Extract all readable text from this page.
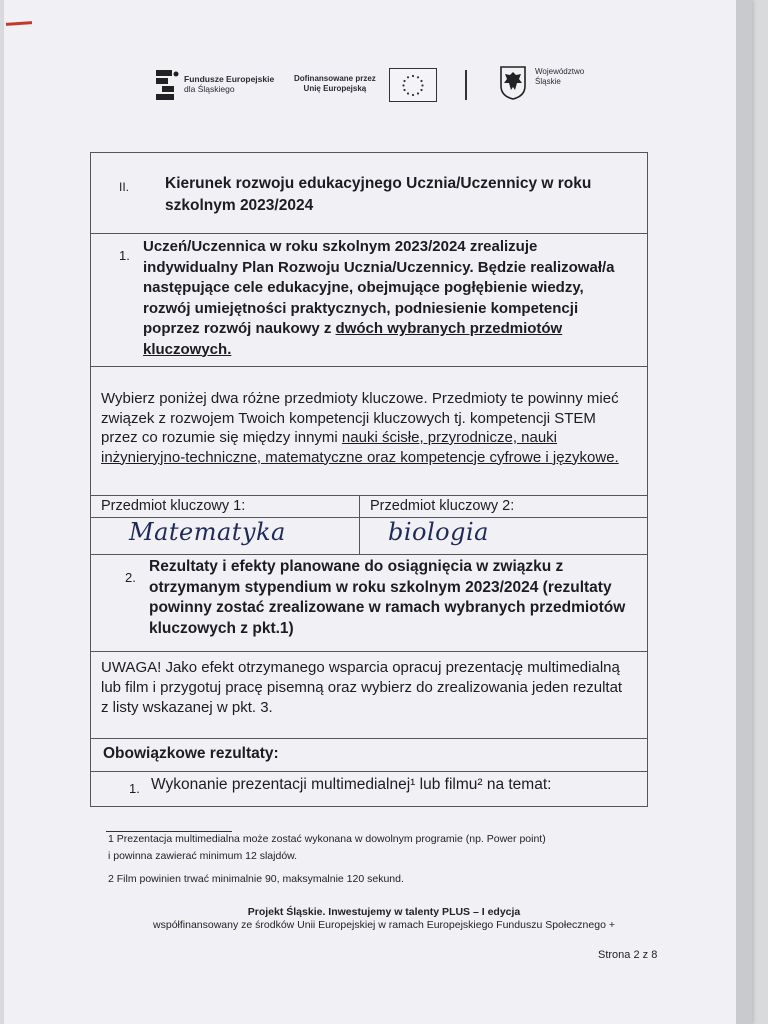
Fundusze Europejskie
dla Śląskiego
Dofinansowane przez
Unię Europejską
Województwo
Śląskie
II. Kierunek rozwoju edukacyjnego Ucznia/Uczennicy w roku szkolnym 2023/2024
1.
Uczeń/Uczennica w roku szkolnym 2023/2024 zrealizuje indywidualny Plan Rozwoju Ucznia/Uczennicy. Będzie realizował/a następujące cele edukacyjne, obejmujące pogłębienie wiedzy, rozwój umiejętności praktycznych, podniesienie kompetencji poprzez rozwój naukowy z dwóch wybranych przedmiotów kluczowych.
Wybierz poniżej dwa różne przedmioty kluczowe. Przedmioty te powinny mieć związek z rozwojem Twoich kompetencji kluczowych tj. kompetencji STEM przez co rozumie się między innymi nauki ścisłe, przyrodnicze, nauki inżynieryjno-techniczne, matematyczne oraz kompetencje cyfrowe i językowe.
Przedmiot kluczowy 1:
Matematyka
Przedmiot kluczowy 2:
biologia
2.
Rezultaty i efekty planowane do osiągnięcia w związku z otrzymanym stypendium w roku szkolnym 2023/2024 (rezultaty powinny zostać zrealizowane w ramach wybranych przedmiotów kluczowych z pkt.1)
UWAGA! Jako efekt otrzymanego wsparcia opracuj prezentację multimedialną lub film i przygotuj pracę pisemną oraz wybierz do zrealizowania jeden rezultat z listy wskazanej w pkt. 3.
Obowiązkowe rezultaty:
1. Wykonanie prezentacji multimedialnej¹ lub filmu² na temat:
1 Prezentacja multimedialna może zostać wykonana w dowolnym programie (np. Power point)
i powinna zawierać minimum 12 slajdów.
2 Film powinien trwać minimalnie 90, maksymalnie 120 sekund.
Projekt Śląskie. Inwestujemy w talenty PLUS – I edycja
współfinansowany ze środków Unii Europejskiej w ramach Europejskiego Funduszu Społecznego +
Strona 2 z 8
